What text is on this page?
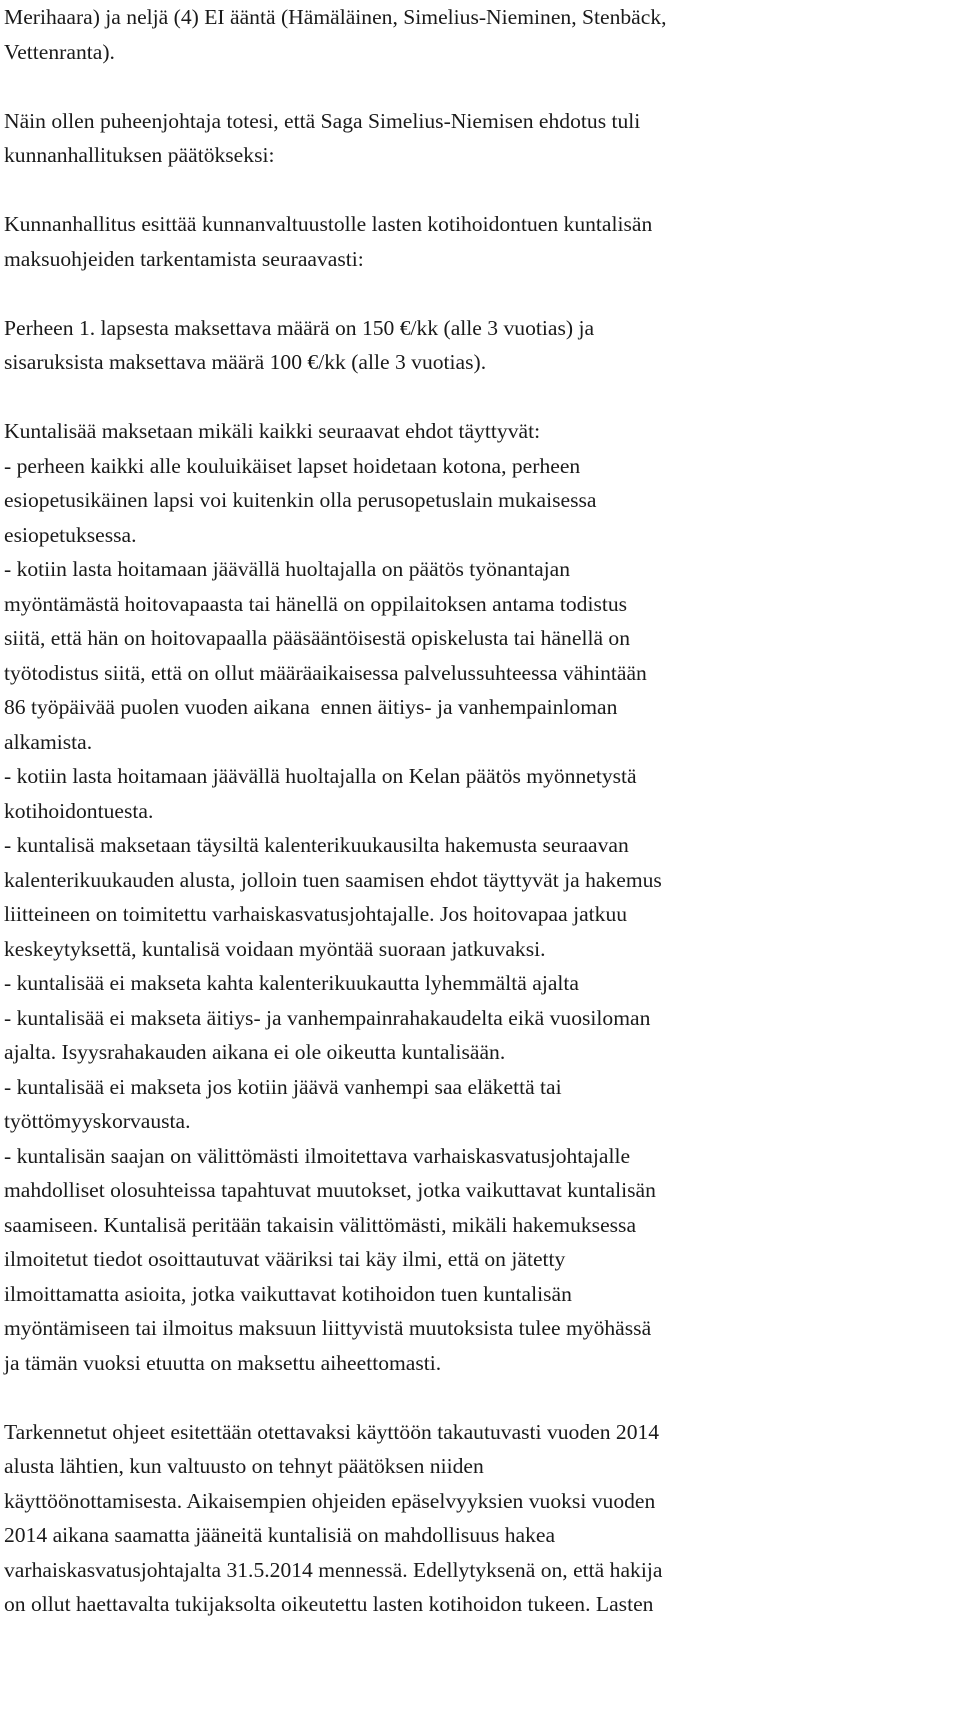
Merihaara) ja neljä (4) EI ääntä (Hämäläinen, Simelius-Nieminen, Stenbäck,
Vettenranta).
Näin ollen puheenjohtaja totesi, että Saga Simelius-Niemisen ehdotus tuli
kunnanhallituksen päätökseksi:
Kunnanhallitus esittää kunnanvaltuustolle lasten kotihoidontuen kuntalisän
maksuohjeiden tarkentamista seuraavasti:
Perheen 1. lapsesta maksettava määrä on 150 €/kk (alle 3 vuotias) ja
sisaruksista maksettava määrä 100 €/kk (alle 3 vuotias).
Kuntalisää maksetaan mikäli kaikki seuraavat ehdot täyttyvät:
- perheen kaikki alle kouluikäiset lapset hoidetaan kotona, perheen
esiopetusikäinen lapsi voi kuitenkin olla perusopetuslain mukaisessa
esiopetuksessa.
- kotiin lasta hoitamaan jäävällä huoltajalla on päätös työnantajan
myöntämästä hoitovapaasta tai hänellä on oppilaitoksen antama todistus
siitä, että hän on hoitovapaalla pääsääntöisestä opiskelusta tai hänellä on
työtodistus siitä, että on ollut määräaikaisessa palvelussuhteessa vähintään
86 työpäivää puolen vuoden aikana  ennen äitiys- ja vanhempainloman
alkamista.
- kotiin lasta hoitamaan jäävällä huoltajalla on Kelan päätös myönnetystä
kotihoidontuesta.
- kuntalisä maksetaan täysiltä kalenterikuukausilta hakemusta seuraavan
kalenterikuukauden alusta, jolloin tuen saamisen ehdot täyttyvät ja hakemus
liitteineen on toimitettu varhaiskasvatusjohtajalle. Jos hoitovapaa jatkuu
keskeytyksettä, kuntalisä voidaan myöntää suoraan jatkuvaksi.
- kuntalisää ei makseta kahta kalenterikuukautta lyhemmältä ajalta
- kuntalisää ei makseta äitiys- ja vanhempainrahakaudelta eikä vuosiloman
ajalta. Isyysrahakauden aikana ei ole oikeutta kuntalisään.
- kuntalisää ei makseta jos kotiin jäävä vanhempi saa eläkettä tai
työttömyyskorvausta.
- kuntalisän saajan on välittömästi ilmoitettava varhaiskasvatusjohtajalle
mahdolliset olosuhteissa tapahtuvat muutokset, jotka vaikuttavat kuntalisän
saamiseen. Kuntalisä peritään takaisin välittömästi, mikäli hakemuksessa
ilmoitetut tiedot osoittautuvat vääriksi tai käy ilmi, että on jätetty
ilmoittamatta asioita, jotka vaikuttavat kotihoidon tuen kuntalisän
myöntämiseen tai ilmoitus maksuun liittyvistä muutoksista tulee myöhässä
ja tämän vuoksi etuutta on maksettu aiheettomasti.
Tarkennetut ohjeet esitettään otettavaksi käyttöön takautuvasti vuoden 2014
alusta lähtien, kun valtuusto on tehnyt päätöksen niiden
käyttöönottamisesta. Aikaisempien ohjeiden epäselvyyksien vuoksi vuoden
2014 aikana saamatta jääneitä kuntalisiä on mahdollisuus hakea
varhaiskasvatusjohtajalta 31.5.2014 mennessä. Edellytyksenä on, että hakija
on ollut haettavalta tukijaksolta oikeutettu lasten kotihoidon tukeen. Lasten
